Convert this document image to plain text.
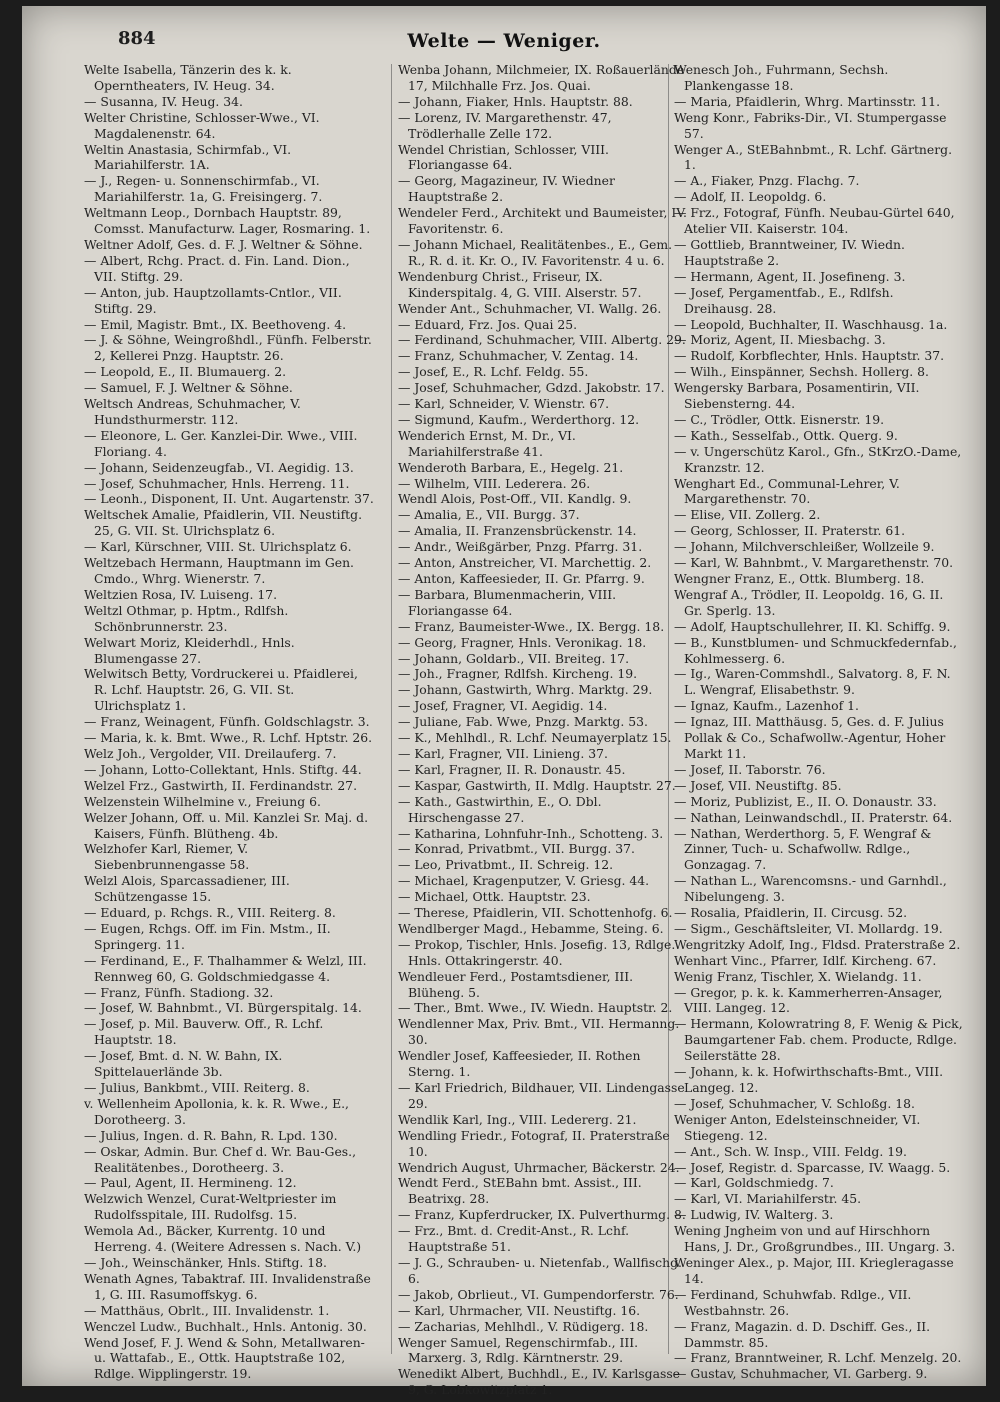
884	Welte — Weniger.

Welte Isabella, Tänzerin des k. k. Operntheaters, IV. Heug. 34.

— Susanna, IV. Heug. 34.

Welter Christine, Schlosser-Wwe., VI. Magdalenenstr. 64.

Weltin Anastasia, Schirmfab., VI. Mariahilferstr. 1A.

— J., Regen- u. Sonnenschirmfab., VI. Mariahilferstr. 1a, G. Freisingerg. 7.

Weltmann Leop., Dornbach Hauptstr. 89, Comsst. Manufacturw. Lager, Rosmaring. 1.

Weltner Adolf, Ges. d. F. J. Weltner & Söhne.

— Albert, Rchg. Pract. d. Fin. Land. Dion., VII. Stiftg. 29.

— Anton, jub. Hauptzollamts-Cntlor., VII. Stiftg. 29.

— Emil, Magistr. Bmt., IX. Beethoveng. 4.

— J. & Söhne, Weingroßhdl., Fünfh. Felberstr. 2, Kellerei Pnzg. Hauptstr. 26.

— Leopold, E., II. Blumauerg. 2.

— Samuel, F. J. Weltner & Söhne.

Weltsch Andreas, Schuhmacher, V. Hundsthurmerstr. 112.

— Eleonore, L. Ger. Kanzlei-Dir. Wwe., VIII. Floriang. 4.

— Johann, Seidenzeugfab., VI. Aegidig. 13.

— Josef, Schuhmacher, Hnls. Herreng. 11.

— Leonh., Disponent, II. Unt. Augartenstr. 37.

Weltschek Amalie, Pfaidlerin, VII. Neustiftg. 25, G. VII. St. Ulrichsplatz 6.

— Karl, Kürschner, VIII. St. Ulrichsplatz 6.

Weltzebach Hermann, Hauptmann im Gen. Cmdo., Whrg. Wienerstr. 7.

Weltzien Rosa, IV. Luiseng. 17.

Weltzl Othmar, p. Hptm., Rdlfsh. Schönbrunnerstr. 23.

Welwart Moriz, Kleiderhdl., Hnls. Blumengasse 27.

Welwitsch Betty, Vordruckerei u. Pfaidlerei, R. Lchf. Hauptstr. 26, G. VII. St. Ulrichsplatz 1.

— Franz, Weinagent, Fünfh. Goldschlagstr. 3.

— Maria, k. k. Bmt. Wwe., R. Lchf. Hptstr. 26.

Welz Joh., Vergolder, VII. Dreilauferg. 7.

— Johann, Lotto-Collektant, Hnls. Stiftg. 44.

Welzel Frz., Gastwirth, II. Ferdinandstr. 27.

Welzenstein Wilhelmine v., Freiung 6.

Welzer Johann, Off. u. Mil. Kanzlei Sr. Maj. d. Kaisers, Fünfh. Blütheng. 4b.

Welzhofer Karl, Riemer, V. Siebenbrunnengasse 58.

Welzl Alois, Sparcassadiener, III. Schützengasse 15.

— Eduard, p. Rchgs. R., VIII. Reiterg. 8.

— Eugen, Rchgs. Off. im Fin. Mstm., II. Springerg. 11.

— Ferdinand, E., F. Thalhammer & Welzl, III. Rennweg 60, G. Goldschmiedgasse 4.

— Franz, Fünfh. Stadiong. 32.

— Josef, W. Bahnbmt., VI. Bürgerspitalg. 14.

— Josef, p. Mil. Bauverw. Off., R. Lchf. Hauptstr. 18.

— Josef, Bmt. d. N. W. Bahn, IX. Spittelauerlände 3b.

— Julius, Bankbmt., VIII. Reiterg. 8.

v. Wellenheim Apollonia, k. k. R. Wwe., E., Dorotheerg. 3.

— Julius, Ingen. d. R. Bahn, R. Lpd. 130.

— Oskar, Admin. Bur. Chef d. Wr. Bau-Ges., Realitätenbes., Dorotheerg. 3.

— Paul, Agent, II. Hermineng. 12.

Welzwich Wenzel, Curat-Weltpriester im Rudolfsspitale, III. Rudolfsg. 15.

Wemola Ad., Bäcker, Kurrentg. 10 und Herreng. 4. (Weitere Adressen s. Nach. V.)

— Joh., Weinschänker, Hnls. Stiftg. 18.

Wenath Agnes, Tabaktraf. III. Invalidenstraße 1, G. III. Rasumoffskyg. 6.

— Matthäus, Obrlt., III. Invalidenstr. 1.

Wenczel Ludw., Buchhalt., Hnls. Antonig. 30.

Wend Josef, F. J. Wend & Sohn, Metallwaren- u. Wattafab., E., Ottk. Hauptstraße 102, Rdlge. Wipplingerstr. 19.

Wenba Johann, Milchmeier, IX. Roßauerlände 17, Milchhalle Frz. Jos. Quai.

— Johann, Fiaker, Hnls. Hauptstr. 88.

— Lorenz, IV. Margarethenstr. 47, Trödlerhalle Zelle 172.

Wendel Christian, Schlosser, VIII. Floriangasse 64.

— Georg, Magazineur, IV. Wiedner Hauptstraße 2.

Wendeler Ferd., Architekt und Baumeister, IV. Favoritenstr. 6.

— Johann Michael, Realitätenbes., E., Gem. R., R. d. it. Kr. O., IV. Favoritenstr. 4 u. 6.

Wendenburg Christ., Friseur, IX. Kinderspitalg. 4, G. VIII. Alserstr. 57.

Wender Ant., Schuhmacher, VI. Wallg. 26.

— Eduard, Frz. Jos. Quai 25.

— Ferdinand, Schuhmacher, VIII. Albertg. 29.

— Franz, Schuhmacher, V. Zentag. 14.

— Josef, E., R. Lchf. Feldg. 55.

— Josef, Schuhmacher, Gdzd. Jakobstr. 17.

— Karl, Schneider, V. Wienstr. 67.

— Sigmund, Kaufm., Werderthorg. 12.

Wenderich Ernst, M. Dr., VI. Mariahilferstraße 41.

Wenderoth Barbara, E., Hegelg. 21.

— Wilhelm, VIII. Lederera. 26.

Wendl Alois, Post-Off., VII. Kandlg. 9.

— Amalia, E., VII. Burgg. 37.

— Amalia, II. Franzensbrückenstr. 14.

— Andr., Weißgärber, Pnzg. Pfarrg. 31.

— Anton, Anstreicher, VI. Marchettig. 2.

— Anton, Kaffeesieder, II. Gr. Pfarrg. 9.

— Barbara, Blumenmacherin, VIII. Floriangasse 64.

— Franz, Baumeister-Wwe., IX. Bergg. 18.

— Georg, Fragner, Hnls. Veronikag. 18.

— Johann, Goldarb., VII. Breiteg. 17.

— Joh., Fragner, Rdlfsh. Kircheng. 19.

— Johann, Gastwirth, Whrg. Marktg. 29.

— Josef, Fragner, VI. Aegidig. 14.

— Juliane, Fab. Wwe, Pnzg. Marktg. 53.

— K., Mehlhdl., R. Lchf. Neumayerplatz 15.

— Karl, Fragner, VII. Linieng. 37.

— Karl, Fragner, II. R. Donaustr. 45.

— Kaspar, Gastwirth, II. Mdlg. Hauptstr. 27.

— Kath., Gastwirthin, E., O. Dbl. Hirschengasse 27.

— Katharina, Lohnfuhr-Inh., Schotteng. 3.

— Konrad, Privatbmt., VII. Burgg. 37.

— Leo, Privatbmt., II. Schreig. 12.

— Michael, Kragenputzer, V. Griesg. 44.

— Michael, Ottk. Hauptstr. 23.

— Therese, Pfaidlerin, VII. Schottenhofg. 6.

Wendlberger Magd., Hebamme, Steing. 6.

— Prokop, Tischler, Hnls. Josefig. 13, Rdlge. Hnls. Ottakringerstr. 40.

Wendleuer Ferd., Postamtsdiener, III. Blüheng. 5.

— Ther., Bmt. Wwe., IV. Wiedn. Hauptstr. 2.

Wendlenner Max, Priv. Bmt., VII. Hermanng. 30.

Wendler Josef, Kaffeesieder, II. Rothen Sterng. 1.

— Karl Friedrich, Bildhauer, VII. Lindengasse 29.

Wendlik Karl, Ing., VIII. Ledererg. 21.

Wendling Friedr., Fotograf, II. Praterstraße 10.

Wendrich August, Uhrmacher, Bäckerstr. 24.

Wendt Ferd., StEBahn bmt. Assist., III. Beatrixg. 28.

— Franz, Kupferdrucker, IX. Pulverthurmg. 8.

— Frz., Bmt. d. Credit-Anst., R. Lchf. Hauptstraße 51.

— J. G., Schrauben- u. Nietenfab., Wallfischg. 6.

— Jakob, Obrlieut., VI. Gumpendorferstr. 76.

— Karl, Uhrmacher, VII. Neustiftg. 16.

— Zacharias, Mehlhdl., V. Rüdigerg. 18.

Wenger Samuel, Regenschirmfab., III. Marxerg. 3, Rdlg. Kärntnerstr. 29.

Wenedikt Albert, Buchhdl., E., IV. Karlsgasse 9, G. Lobkowitzplatz 1.

Wenesch Joh., Fuhrmann, Sechsh. Plankengasse 18.

— Maria, Pfaidlerin, Whrg. Martinsstr. 11.

Weng Konr., Fabriks-Dir., VI. Stumpergasse 57.

Wenger A., StEBahnbmt., R. Lchf. Gärtnerg. 1.

— A., Fiaker, Pnzg. Flachg. 7.

— Adolf, II. Leopoldg. 6.

— Frz., Fotograf, Fünfh. Neubau-Gürtel 640, Atelier VII. Kaiserstr. 104.

— Gottlieb, Branntweiner, IV. Wiedn. Hauptstraße 2.

— Hermann, Agent, II. Josefineng. 3.

— Josef, Pergamentfab., E., Rdlfsh. Dreihausg. 28.

— Leopold, Buchhalter, II. Waschhausg. 1a.

— Moriz, Agent, II. Miesbachg. 3.

— Rudolf, Korbflechter, Hnls. Hauptstr. 37.

— Wilh., Einspänner, Sechsh. Hollerg. 8.

Wengersky Barbara, Posamentirin, VII. Siebensterng. 44.

— C., Trödler, Ottk. Eisnerstr. 19.

— Kath., Sesselfab., Ottk. Querg. 9.

— v. Ungerschütz Karol., Gfn., StKrzO.-Dame, Kranzstr. 12.

Wenghart Ed., Communal-Lehrer, V. Margarethenstr. 70.

— Elise, VII. Zollerg. 2.

— Georg, Schlosser, II. Praterstr. 61.

— Johann, Milchverschleißer, Wollzeile 9.

— Karl, W. Bahnbmt., V. Margarethenstr. 70.

Wengner Franz, E., Ottk. Blumberg. 18.

Wengraf A., Trödler, II. Leopoldg. 16, G. II. Gr. Sperlg. 13.

— Adolf, Hauptschullehrer, II. Kl. Schiffg. 9.

— B., Kunstblumen- und Schmuckfedernfab., Kohlmesserg. 6.

— Ig., Waren-Commshdl., Salvatorg. 8, F. N. L. Wengraf, Elisabethstr. 9.

— Ignaz, Kaufm., Lazenhof 1.

— Ignaz, III. Matthäusg. 5, Ges. d. F. Julius Pollak & Co., Schafwollw.-Agentur, Hoher Markt 11.

— Josef, II. Taborstr. 76.

— Josef, VII. Neustiftg. 85.

— Moriz, Publizist, E., II. O. Donaustr. 33.

— Nathan, Leinwandschdl., II. Praterstr. 64.

— Nathan, Werderthorg. 5, F. Wengraf & Zinner, Tuch- u. Schafwollw. Rdlge., Gonzagag. 7.

— Nathan L., Warencomsns.- und Garnhdl., Nibelungeng. 3.

— Rosalia, Pfaidlerin, II. Circusg. 52.

— Sigm., Geschäftsleiter, VI. Mollardg. 19.

Wengritzky Adolf, Ing., Fldsd. Praterstraße 2.

Wenhart Vinc., Pfarrer, Idlf. Kircheng. 67.

Wenig Franz, Tischler, X. Wielandg. 11.

— Gregor, p. k. k. Kammerherren-Ansager, VIII. Langeg. 12.

— Hermann, Kolowratring 8, F. Wenig & Pick, Baumgartener Fab. chem. Producte, Rdlge. Seilerstätte 28.

— Johann, k. k. Hofwirthschafts-Bmt., VIII. Langeg. 12.

— Josef, Schuhmacher, V. Schloßg. 18.

Weniger Anton, Edelsteinschneider, VI. Stiegeng. 12.

— Ant., Sch. W. Insp., VIII. Feldg. 19.

— Josef, Registr. d. Sparcasse, IV. Waagg. 5.

— Karl, Goldschmiedg. 7.

— Karl, VI. Mariahilferstr. 45.

— Ludwig, IV. Walterg. 3.

Wening Jngheim von und auf Hirschhorn Hans, J. Dr., Großgrundbes., III. Ungarg. 3.

Weninger Alex., p. Major, III. Kriegleragasse 14.

— Ferdinand, Schuhwfab. Rdlge., VII. Westbahnstr. 26.

— Franz, Magazin. d. D. Dschiff. Ges., II. Dammstr. 85.

— Franz, Branntweiner, R. Lchf. Menzelg. 20.

— Gustav, Schuhmacher, VI. Garberg. 9.
